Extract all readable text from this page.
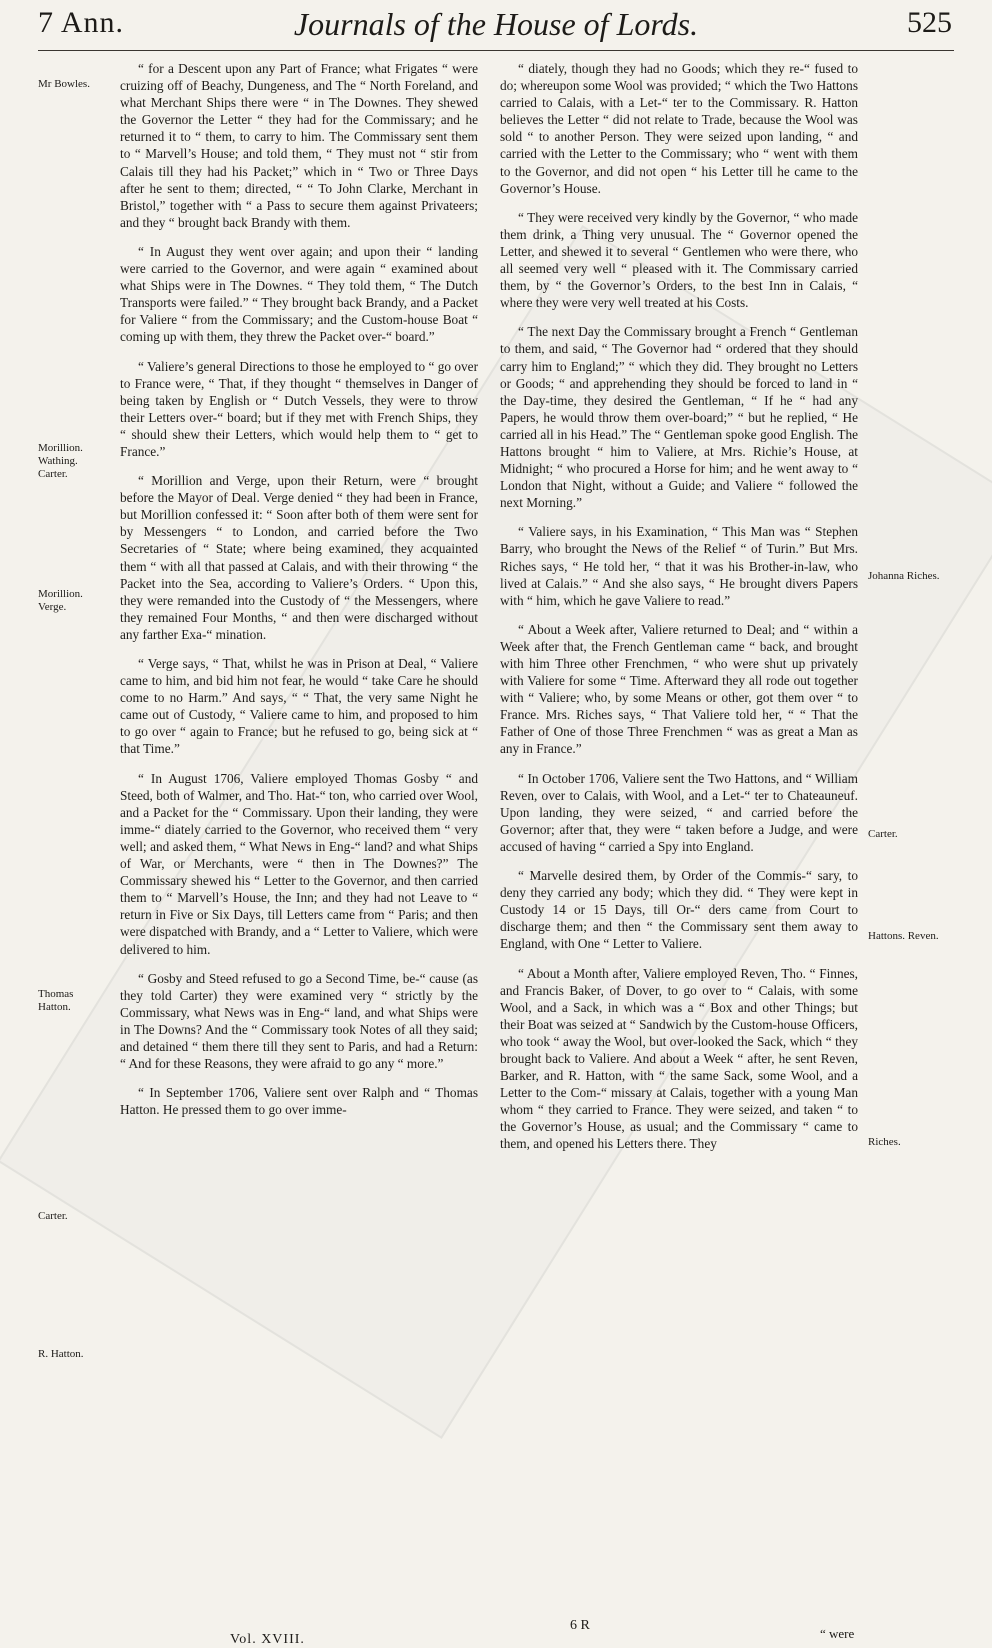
7 Ann.	Journals of the House of Lords.	525
Mr Bowles.
Morillion. Wathing. Carter.
Morillion. Verge.
Thomas Hatton.
Carter.
R. Hatton.

“ for a Descent upon any Part of France; what Frigates “ were cruizing off of Beachy, Dungeness, and The “ North Foreland, and what Merchant Ships there were “ in The Downes. They shewed the Governor the Letter “ they had for the Commissary; and he returned it to “ them, to carry to him. The Commissary sent them to “ Marvell’s House; and told them, “ They must not “ stir from Calais till they had his Packet;” which in “ Two or Three Days after he sent to them; directed, “ “ To John Clarke, Merchant in Bristol,” together with “ a Pass to secure them against Privateers; and they “ brought back Brandy with them.

“ In August they went over again; and upon their “ landing were carried to the Governor, and were again “ examined about what Ships were in The Downes. “ They told them, “ The Dutch Transports were failed.” “ They brought back Brandy, and a Packet for Valiere “ from the Commissary; and the Custom-house Boat “ coming up with them, they threw the Packet over-“ board.”

“ Valiere’s general Directions to those he employed to “ go over to France were, “ That, if they thought “ themselves in Danger of being taken by English or “ Dutch Vessels, they were to throw their Letters over-“ board; but if they met with French Ships, they “ should shew their Letters, which would help them to “ get to France.”

“ Morillion and Verge, upon their Return, were “ brought before the Mayor of Deal. Verge denied “ they had been in France, but Morillion confessed it: “ Soon after both of them were sent for by Messengers “ to London, and carried before the Two Secretaries of “ State; where being examined, they acquainted them “ with all that passed at Calais, and with their throwing “ the Packet into the Sea, according to Valiere’s Orders. “ Upon this, they were remanded into the Custody of “ the Messengers, where they remained Four Months, “ and then were discharged without any farther Exa-“ mination.

“ Verge says, “ That, whilst he was in Prison at Deal, “ Valiere came to him, and bid him not fear, he would “ take Care he should come to no Harm.” And says, “ “ That, the very same Night he came out of Custody, “ Valiere came to him, and proposed to him to go over “ again to France; but he refused to go, being sick at “ that Time.”

“ In August 1706, Valiere employed Thomas Gosby “ and Steed, both of Walmer, and Tho. Hat-“ ton, who carried over Wool, and a Packet for the “ Commissary. Upon their landing, they were imme-“ diately carried to the Governor, who received them “ very well; and asked them, “ What News in Eng-“ land? and what Ships of War, or Merchants, were “ then in The Downes?” The Commissary shewed his “ Letter to the Governor, and then carried them to “ Marvell’s House, the Inn; and they had not Leave to “ return in Five or Six Days, till Letters came from “ Paris; and then were dispatched with Brandy, and a “ Letter to Valiere, which were delivered to him.

“ Gosby and Steed refused to go a Second Time, be-“ cause (as they told Carter) they were examined very “ strictly by the Commissary, what News was in Eng-“ land, and what Ships were in The Downs? And the “ Commissary took Notes of all they said; and detained “ them there till they sent to Paris, and had a Return: “ And for these Reasons, they were afraid to go any “ more.”

“ In September 1706, Valiere sent over Ralph and “ Thomas Hatton. He pressed them to go over imme-

“ diately, though they had no Goods; which they re-“ fused to do; whereupon some Wool was provided; “ which the Two Hattons carried to Calais, with a Let-“ ter to the Commissary. R. Hatton believes the Letter “ did not relate to Trade, because the Wool was sold “ to another Person. They were seized upon landing, “ and carried with the Letter to the Commissary; who “ went with them to the Governor, and did not open “ his Letter till he came to the Governor’s House.

“ They were received very kindly by the Governor, “ who made them drink, a Thing very unusual. The “ Governor opened the Letter, and shewed it to several “ Gentlemen who were there, who all seemed very well “ pleased with it. The Commissary carried them, by “ the Governor’s Orders, to the best Inn in Calais, “ where they were very well treated at his Costs.

“ The next Day the Commissary brought a French “ Gentleman to them, and said, “ The Governor had “ ordered that they should carry him to England;” “ which they did. They brought no Letters or Goods; “ and apprehending they should be forced to land in “ the Day-time, they desired the Gentleman, “ If he “ had any Papers, he would throw them over-board;” “ but he replied, “ He carried all in his Head.” The “ Gentleman spoke good English. The Hattons brought “ him to Valiere, at Mrs. Richie’s House, at Midnight; “ who procured a Horse for him; and he went away to “ London that Night, without a Guide; and Valiere “ followed the next Morning.”

“ Valiere says, in his Examination, “ This Man was “ Stephen Barry, who brought the News of the Relief “ of Turin.” But Mrs. Riches says, “ He told her, “ that it was his Brother-in-law, who lived at Calais.” “ And she also says, “ He brought divers Papers with “ him, which he gave Valiere to read.”

“ About a Week after, Valiere returned to Deal; and “ within a Week after that, the French Gentleman came “ back, and brought with him Three other Frenchmen, “ who were shut up privately with Valiere for some “ Time. Afterward they all rode out together with “ Valiere; who, by some Means or other, got them over “ to France. Mrs. Riches says, “ That Valiere told her, “ “ That the Father of One of those Three Frenchmen “ was as great a Man as any in France.”

“ In October 1706, Valiere sent the Two Hattons, and “ William Reven, over to Calais, with Wool, and a Let-“ ter to Chateauneuf. Upon landing, they were seized, “ and carried before the Governor; after that, they were “ taken before a Judge, and were accused of having “ carried a Spy into England.

“ Marvelle desired them, by Order of the Commis-“ sary, to deny they carried any body; which they did. “ They were kept in Custody 14 or 15 Days, till Or-“ ders came from Court to discharge them; and then “ the Commissary sent them away to England, with One “ Letter to Valiere.

“ About a Month after, Valiere employed Reven, Tho. “ Finnes, and Francis Baker, of Dover, to go over to “ Calais, with some Wool, and a Sack, in which was a “ Box and other Things; but their Boat was seized at “ Sandwich by the Custom-house Officers, who took “ away the Wool, but over-looked the Sack, which “ they brought back to Valiere. And about a Week “ after, he sent Reven, Barker, and R. Hatton, with “ the same Sack, some Wool, and a Letter to the Com-“ missary at Calais, together with a young Man whom “ they carried to France. They were seized, and taken “ to the Governor’s House, as usual; and the Commissary “ came to them, and opened his Letters there. They

Johanna Riches.
Carter.
Hattons. Reven.
Riches.
Vol. XVIII.
6 R
“ were
